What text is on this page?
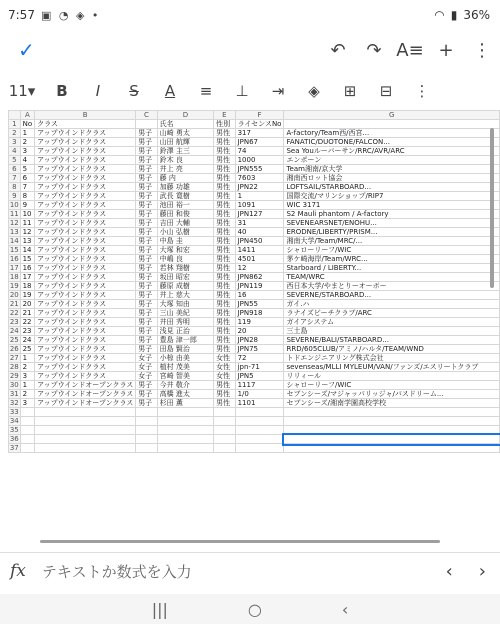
7:57 ▣ ◔ ◈ •	◠ ▮ 36%
✓	↶	↷ A≡ +	⋮
11▾	B	I	S	A	≡	⊥	⇥	◈	⊞	⊟	⋮
	A	B	C	D	E	F	G
1	No	クラス		氏名	性別	ライセンスNo	
2	1	アップウインドクラス	男子	山崎 勇太	男性	317	A-factory/Team西/西宮...
3	2	アップウインドクラス	男子	山田 航輝	男性	JPN67	FANATIC/DUOTONE/FALCON...
4	3	アップウインドクラス	男子	鈴澤 主三	男性	74	Sea Youルーバーサン/RRC/AVR/ARC
5	4	アップウインドクラス	男子	鈴木 良	男性	1000	エンポーン
6	5	アップウインドクラス	男子	井上 亮	男性	JPN555	Team湘南/京大学
7	6	アップウインドクラス	男子	藤 内	男性	7603	湘南西ロット協会
8	7	アップウインドクラス	男子	加藤 功雄	男性	JPN22	LOFTSAIL/STARBOARD...
9	8	アップウインドクラス	男子	武長 寛樹	男性	1	国際交流/マリンショップ/RIP7
10	9	アップウインドクラス	男子	池田 裕一	男性	1091	WIC 3171
11	10	アップウインドクラス	男子	藤田 和俊	男性	JPN127	S2 Mauli phantom / A-factory
12	11	アップウインドクラス	男子	吉田 大輔	男性	31	SEVENEARSNET/ENOHU...
13	12	アップウインドクラス	男子	小山 弘樹	男性	40	ERODNE/LIBERTY/PRISM...
14	13	アップウインドクラス	男子	中島 圭	男性	JPN450	湘南大学/Team/MRC/...
15	14	アップウインドクラス	男子	大塚 和宏	男性	1411	シャローリーフ/WIC
16	15	アップウインドクラス	男子	中嶋 良	男性	4501	茅ケ崎海岸/Team/WRC...
17	16	アップウインドクラス	男子	若林 翔樹	男性	12	Starboard / LIBERTY...
18	17	アップウインドクラス	男子	坂田 昭宏	男性	JPN862	TEAM/WRC
19	18	アップウインドクラス	男子	藤原 成樹	男性	JPN119	西日本大学/やまとりーオーボー
20	19	アップウインドクラス	男子	井上 慈大	男性	16	SEVERNE/STARBOARD...
21	20	アップウインドクラス	男子	大塚 知由	男性	JPN55	ガイ.ハ
22	21	アップウインドクラス	男子	三山 美紀	男性	JPN918	ラナイズビーチクラブ/ARC
23	22	アップウインドクラス	男子	井田 秀明	男性	119	ガイアシステム
24	23	アップウインドクラス	男子	浅見 正治	男性	20	三土島
25	24	アップウインドクラス	男子	豊島 津一郎	男性	JPN28	SEVERNE/BALI/STARBOARD...
26	25	アップウインドクラス	男子	田島 賢治	男性	JPN75	RRD/605CLUB/アミノ/ハルタ/TEAM/WND
27	1	アップウインドクラス	女子	小椋 由美	女性	72	トドエンジニアリング株式会社
28	2	アップウインドクラス	女子	植村 茂美	女性	jpn-71	sevenseas/MLLI MYLEUM/VAN/ファンズ/エスリートクラブ
29	3	アップウインドクラス	女子	宮崎 智美	女性	JPN5	リリィール
30	1	アップウインドオープンクラス	男子	今井 敬介	男性	1117	シャローリーフ/WIC
31	2	アップウインドオープンクラス	男子	高橋 進太	男性	1/0	セブンシーズ/マジャッパリッジャ/バスドリーム...
32	3	アップウインドオープンクラス	男子	杉田 薫	男性	1101	セブンシーズ/湘南学園高校学校
33							
34							
35							
36							
37							
fx テキストか数式を入力	‹ ›
|||	○	‹
